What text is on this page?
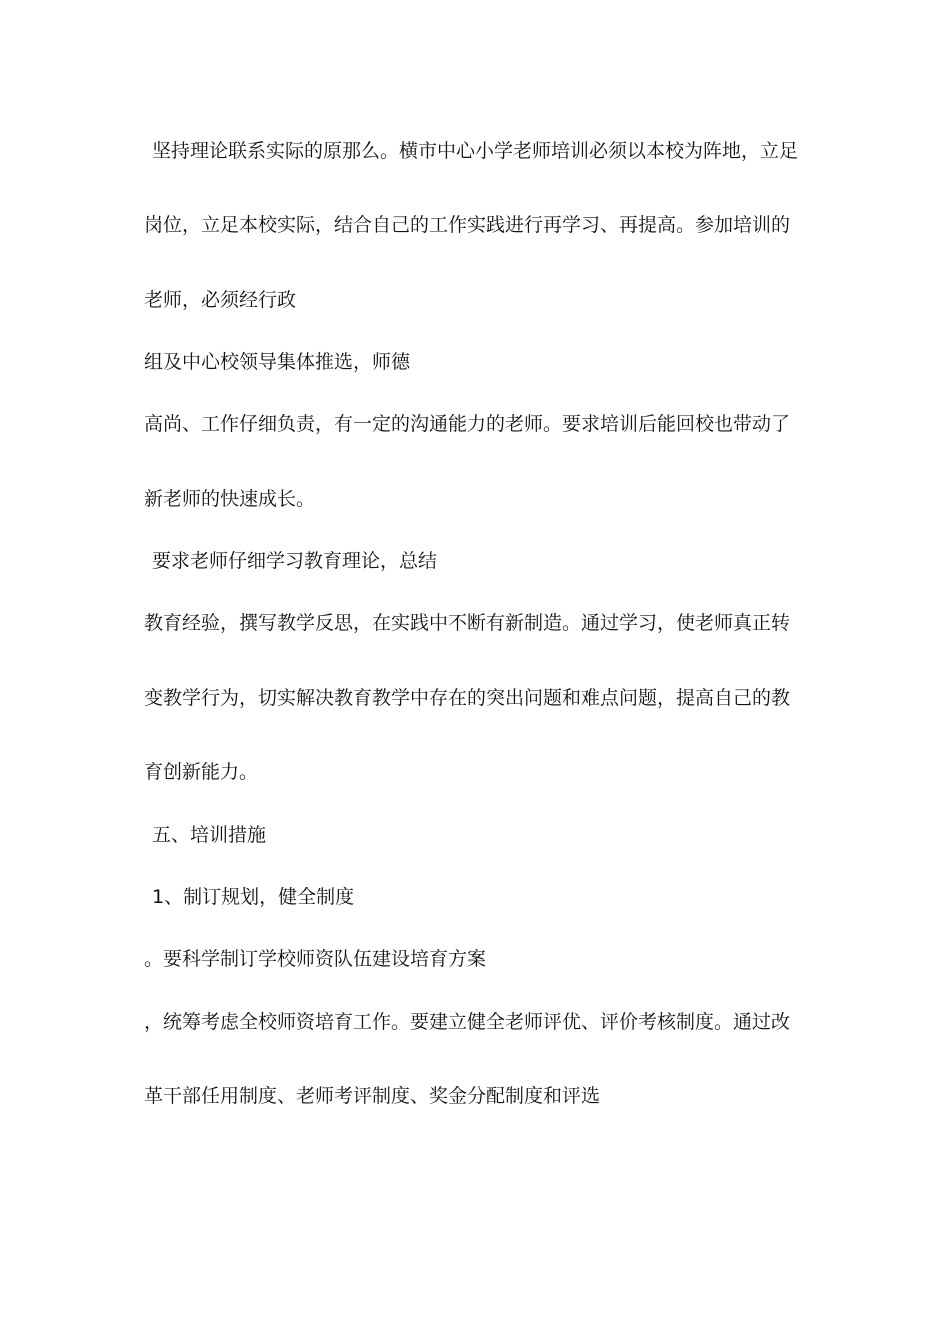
坚持理论联系实际的原那么。横市中心小学老师培训必须以本校为阵地，立足
岗位，立足本校实际，结合自己的工作实践进行再学习、再提高。参加培训的
老师，必须经行政
组及中心校领导集体推选，师德
高尚、工作仔细负责，有一定的沟通能力的老师。要求培训后能回校也带动了
新老师的快速成长。
要求老师仔细学习教育理论，总结
教育经验，撰写教学反思，在实践中不断有新制造。通过学习，使老师真正转
变教学行为，切实解决教育教学中存在的突出问题和难点问题，提高自己的教
育创新能力。
五、培训措施
1、制订规划，健全制度
。要科学制订学校师资队伍建设培育方案
，统筹考虑全校师资培育工作。要建立健全老师评优、评价考核制度。通过改
革干部任用制度、老师考评制度、奖金分配制度和评选
